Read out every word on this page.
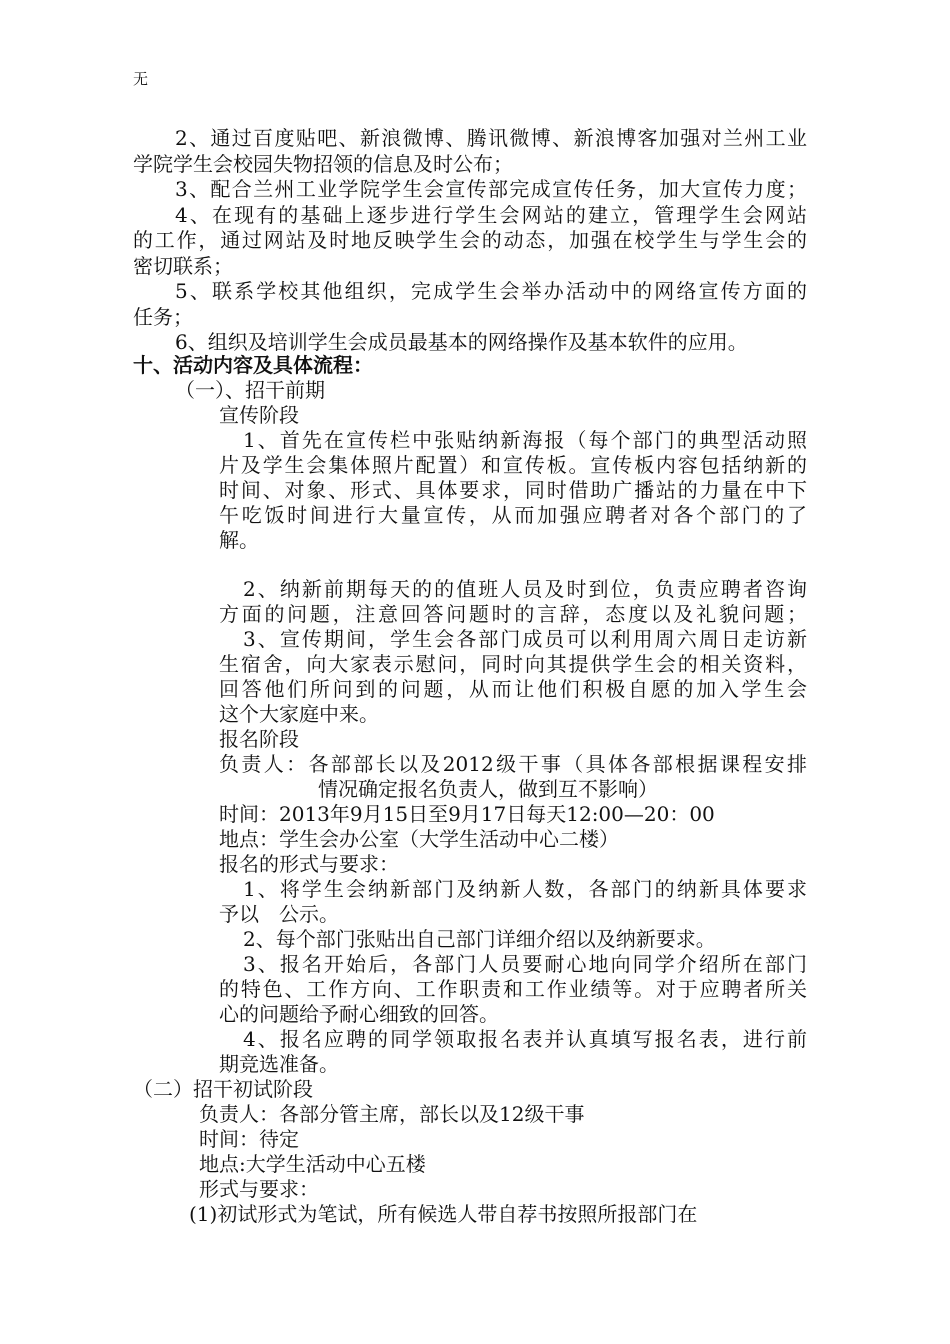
无
2、通过百度贴吧、新浪微博、腾讯微博、新浪博客加强对兰州工业
学院学生会校园失物招领的信息及时公布；
3、配合兰州工业学院学生会宣传部完成宣传任务，加大宣传力度；
4、在现有的基础上逐步进行学生会网站的建立，管理学生会网站
的工作，通过网站及时地反映学生会的动态，加强在校学生与学生会的
密切联系；
5、联系学校其他组织，完成学生会举办活动中的网络宣传方面的
任务；
6、组织及培训学生会成员最基本的网络操作及基本软件的应用。
十、活动内容及具体流程：
（一）、招干前期
宣传阶段
1、首先在宣传栏中张贴纳新海报（每个部门的典型活动照
片及学生会集体照片配置）和宣传板。宣传板内容包括纳新的
时间、对象、形式、具体要求，同时借助广播站的力量在中下
午吃饭时间进行大量宣传，从而加强应聘者对各个部门的了
解。
2、纳新前期每天的的值班人员及时到位，负责应聘者咨询
方面的问题，注意回答问题时的言辞，态度以及礼貌问题；
3、宣传期间，学生会各部门成员可以利用周六周日走访新
生宿舍，向大家表示慰问，同时向其提供学生会的相关资料，
回答他们所问到的问题，从而让他们积极自愿的加入学生会
这个大家庭中来。
报名阶段
负责人：各部部长以及2012级干事（具体各部根据课程安排
情况确定报名负责人，做到互不影响）
时间：2013年9月15日至9月17日每天12:00—20：00
地点：学生会办公室（大学生活动中心二楼）
报名的形式与要求：
1、将学生会纳新部门及纳新人数，各部门的纳新具体要求
予以　公示。
2、每个部门张贴出自己部门详细介绍以及纳新要求。
3、报名开始后，各部门人员要耐心地向同学介绍所在部门
的特色、工作方向、工作职责和工作业绩等。对于应聘者所关
心的问题给予耐心细致的回答。
4、报名应聘的同学领取报名表并认真填写报名表，进行前
期竞选准备。
（二）招干初试阶段
负责人：各部分管主席，部长以及12级干事
时间：待定
地点:大学生活动中心五楼
形式与要求：
(1)初试形式为笔试，所有候选人带自荐书按照所报部门在
